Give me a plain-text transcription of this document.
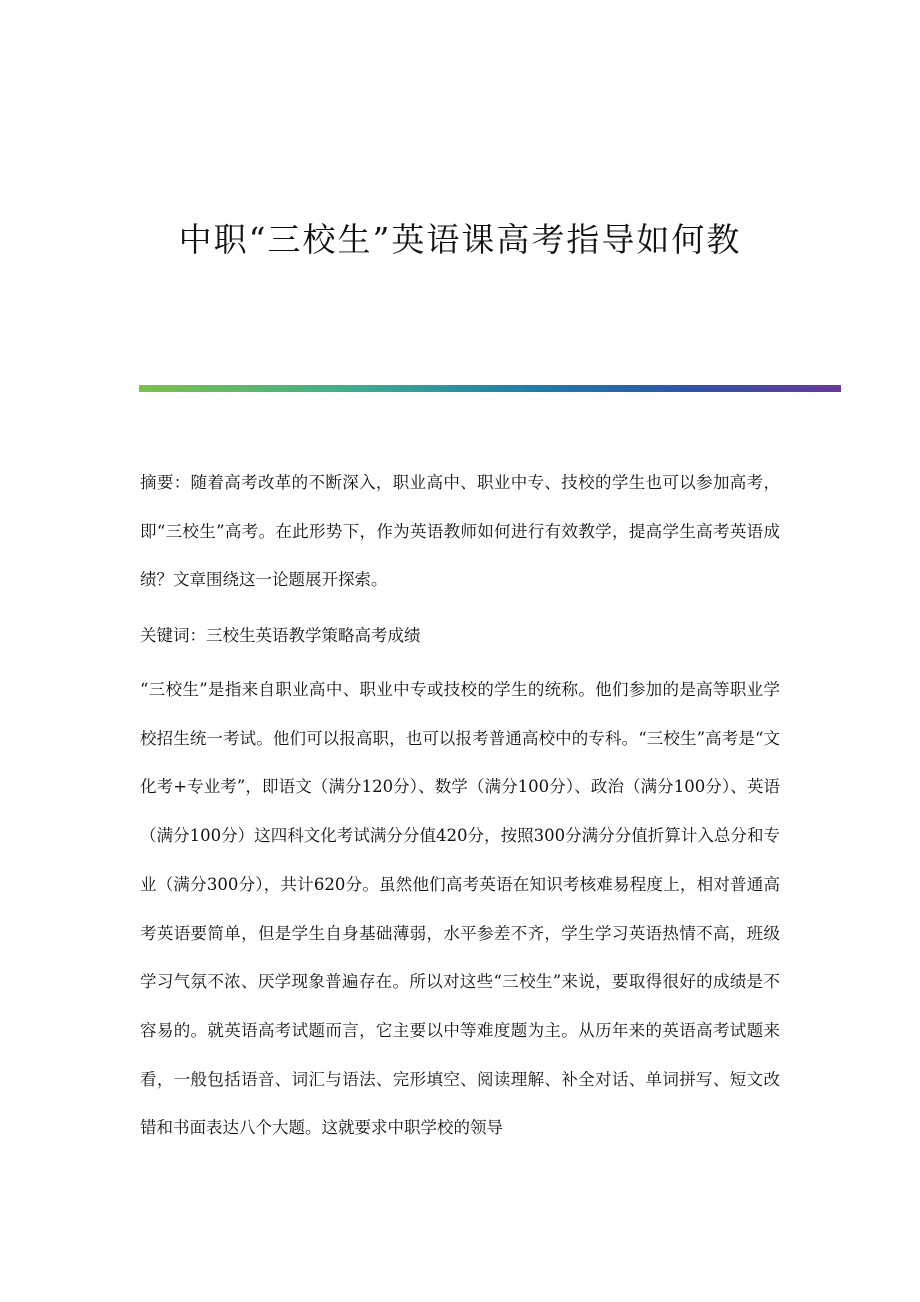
中职“三校生”英语课高考指导如何教

摘要：随着高考改革的不断深入，职业高中、职业中专、技校的学生也可以参加高考，即“三校生”高考。在此形势下，作为英语教师如何进行有效教学，提高学生高考英语成绩？文章围绕这一论题展开探索。

关键词：三校生英语教学策略高考成绩

“三校生”是指来自职业高中、职业中专或技校的学生的统称。他们参加的是高等职业学校招生统一考试。他们可以报高职，也可以报考普通高校中的专科。“三校生”高考是“文化考+专业考”，即语文（满分120分）、数学（满分100分）、政治（满分100分）、英语（满分100分）这四科文化考试满分分值420分，按照300分满分分值折算计入总分和专业（满分300分），共计620分。虽然他们高考英语在知识考核难易程度上，相对普通高考英语要简单，但是学生自身基础薄弱，水平参差不齐，学生学习英语热情不高，班级学习气氛不浓、厌学现象普遍存在。所以对这些“三校生”来说，要取得很好的成绩是不容易的。就英语高考试题而言，它主要以中等难度题为主。从历年来的英语高考试题来看，一般包括语音、词汇与语法、完形填空、阅读理解、补全对话、单词拼写、短文改错和书面表达八个大题。这就要求中职学校的领导
